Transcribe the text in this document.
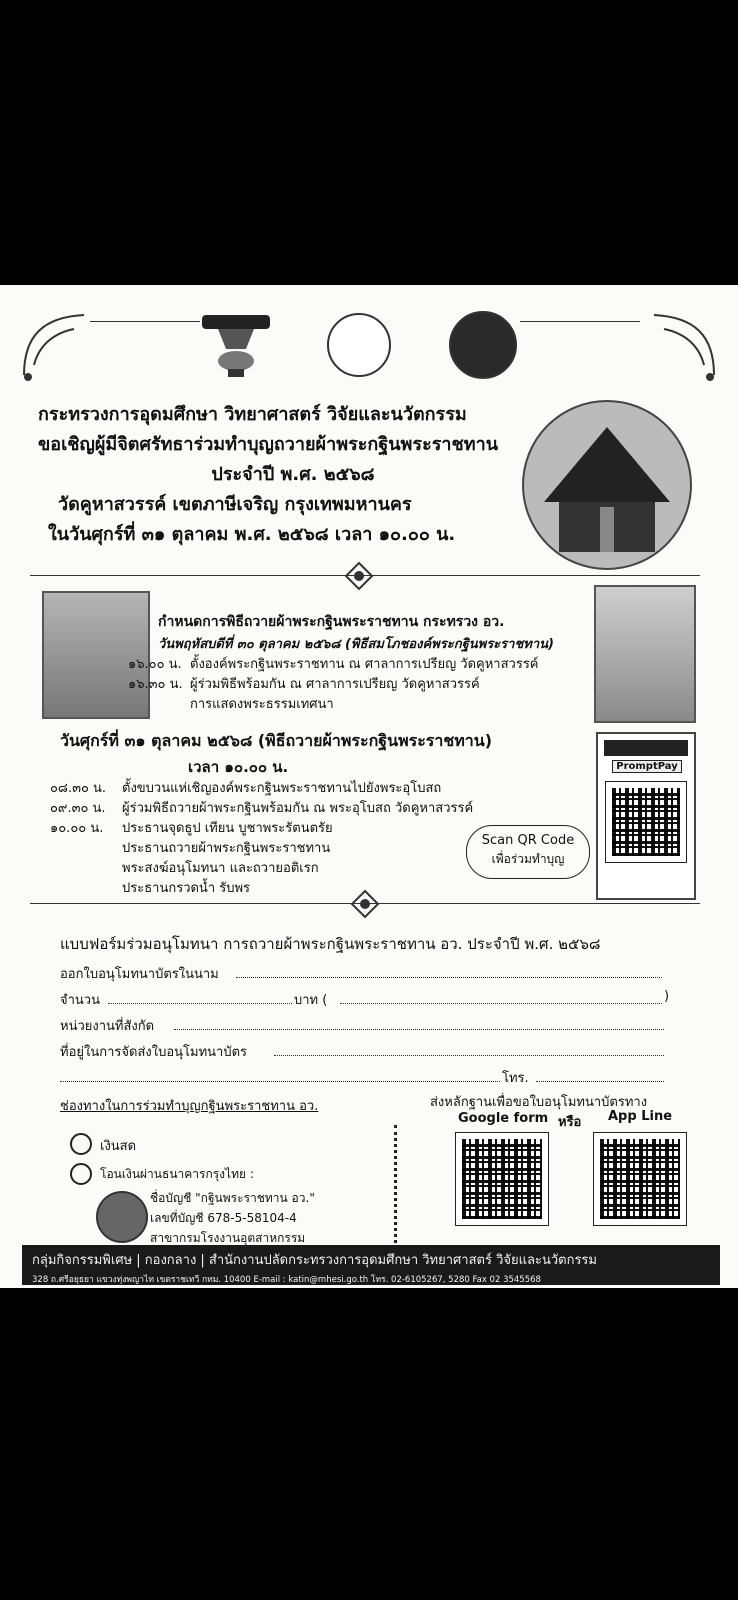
กระทรวงการอุดมศึกษา วิทยาศาสตร์ วิจัยและนวัตกรรม
ขอเชิญผู้มีจิตศรัทธาร่วมทำบุญถวายผ้าพระกฐินพระราชทาน
ประจำปี พ.ศ. ๒๕๖๘
วัดคูหาสวรรค์ เขตภาษีเจริญ กรุงเทพมหานคร
ในวันศุกร์ที่ ๓๑ ตุลาคม พ.ศ. ๒๕๖๘ เวลา ๑๐.๐๐ น.
กำหนดการพิธีถวายผ้าพระกฐินพระราชทาน กระทรวง อว.
วันพฤหัสบดีที่ ๓๐ ตุลาคม ๒๕๖๘ (พิธีสมโภชองค์พระกฐินพระราชทาน)
๑๖.๐๐ น. ตั้งองค์พระกฐินพระราชทาน ณ ศาลาการเปรียญ วัดคูหาสวรรค์
๑๖.๓๐ น. ผู้ร่วมพิธีพร้อมกัน ณ ศาลาการเปรียญ วัดคูหาสวรรค์
การแสดงพระธรรมเทศนา
วันศุกร์ที่ ๓๑ ตุลาคม ๒๕๖๘ (พิธีถวายผ้าพระกฐินพระราชทาน)
เวลา ๑๐.๐๐ น.
๐๘.๓๐ น. ตั้งขบวนแห่เชิญองค์พระกฐินพระราชทานไปยังพระอุโบสถ
๐๙.๓๐ น. ผู้ร่วมพิธีถวายผ้าพระกฐินพร้อมกัน ณ พระอุโบสถ วัดคูหาสวรรค์
๑๐.๐๐ น. ประธานจุดธูป เทียน บูชาพระรัตนตรัย
ประธานถวายผ้าพระกฐินพระราชทาน
พระสงฆ์อนุโมทนา และถวายอติเรก
ประธานกรวดน้ำ รับพร
Scan QR Code
เพื่อร่วมทำบุญ
PromptPay
แบบฟอร์มร่วมอนุโมทนา การถวายผ้าพระกฐินพระราชทาน อว. ประจำปี พ.ศ. ๒๕๖๘
ออกใบอนุโมทนาบัตรในนาม
จำนวน	บาท (	)
หน่วยงานที่สังกัด
ที่อยู่ในการจัดส่งใบอนุโมทนาบัตร
โทร.
ช่องทางในการร่วมทำบุญกฐินพระราชทาน อว.
เงินสด
โอนเงินผ่านธนาคารกรุงไทย :
ชื่อบัญชี "กฐินพระราชทาน อว."
เลขที่บัญชี 678-5-58104-4
สาขากรมโรงงานอุตสาหกรรม
ส่งหลักฐานเพื่อขอใบอนุโมทนาบัตรทาง
Google form หรือ App Line
กลุ่มกิจกรรมพิเศษ | กองกลาง | สำนักงานปลัดกระทรวงการอุดมศึกษา วิทยาศาสตร์ วิจัยและนวัตกรรม
328 ถ.ศรีอยุธยา แขวงทุ่งพญาไท เขตราชเทวี กทม. 10400 E-mail : katin@mhesi.go.th โทร. 02-6105267, 5280 Fax 02 3545568
